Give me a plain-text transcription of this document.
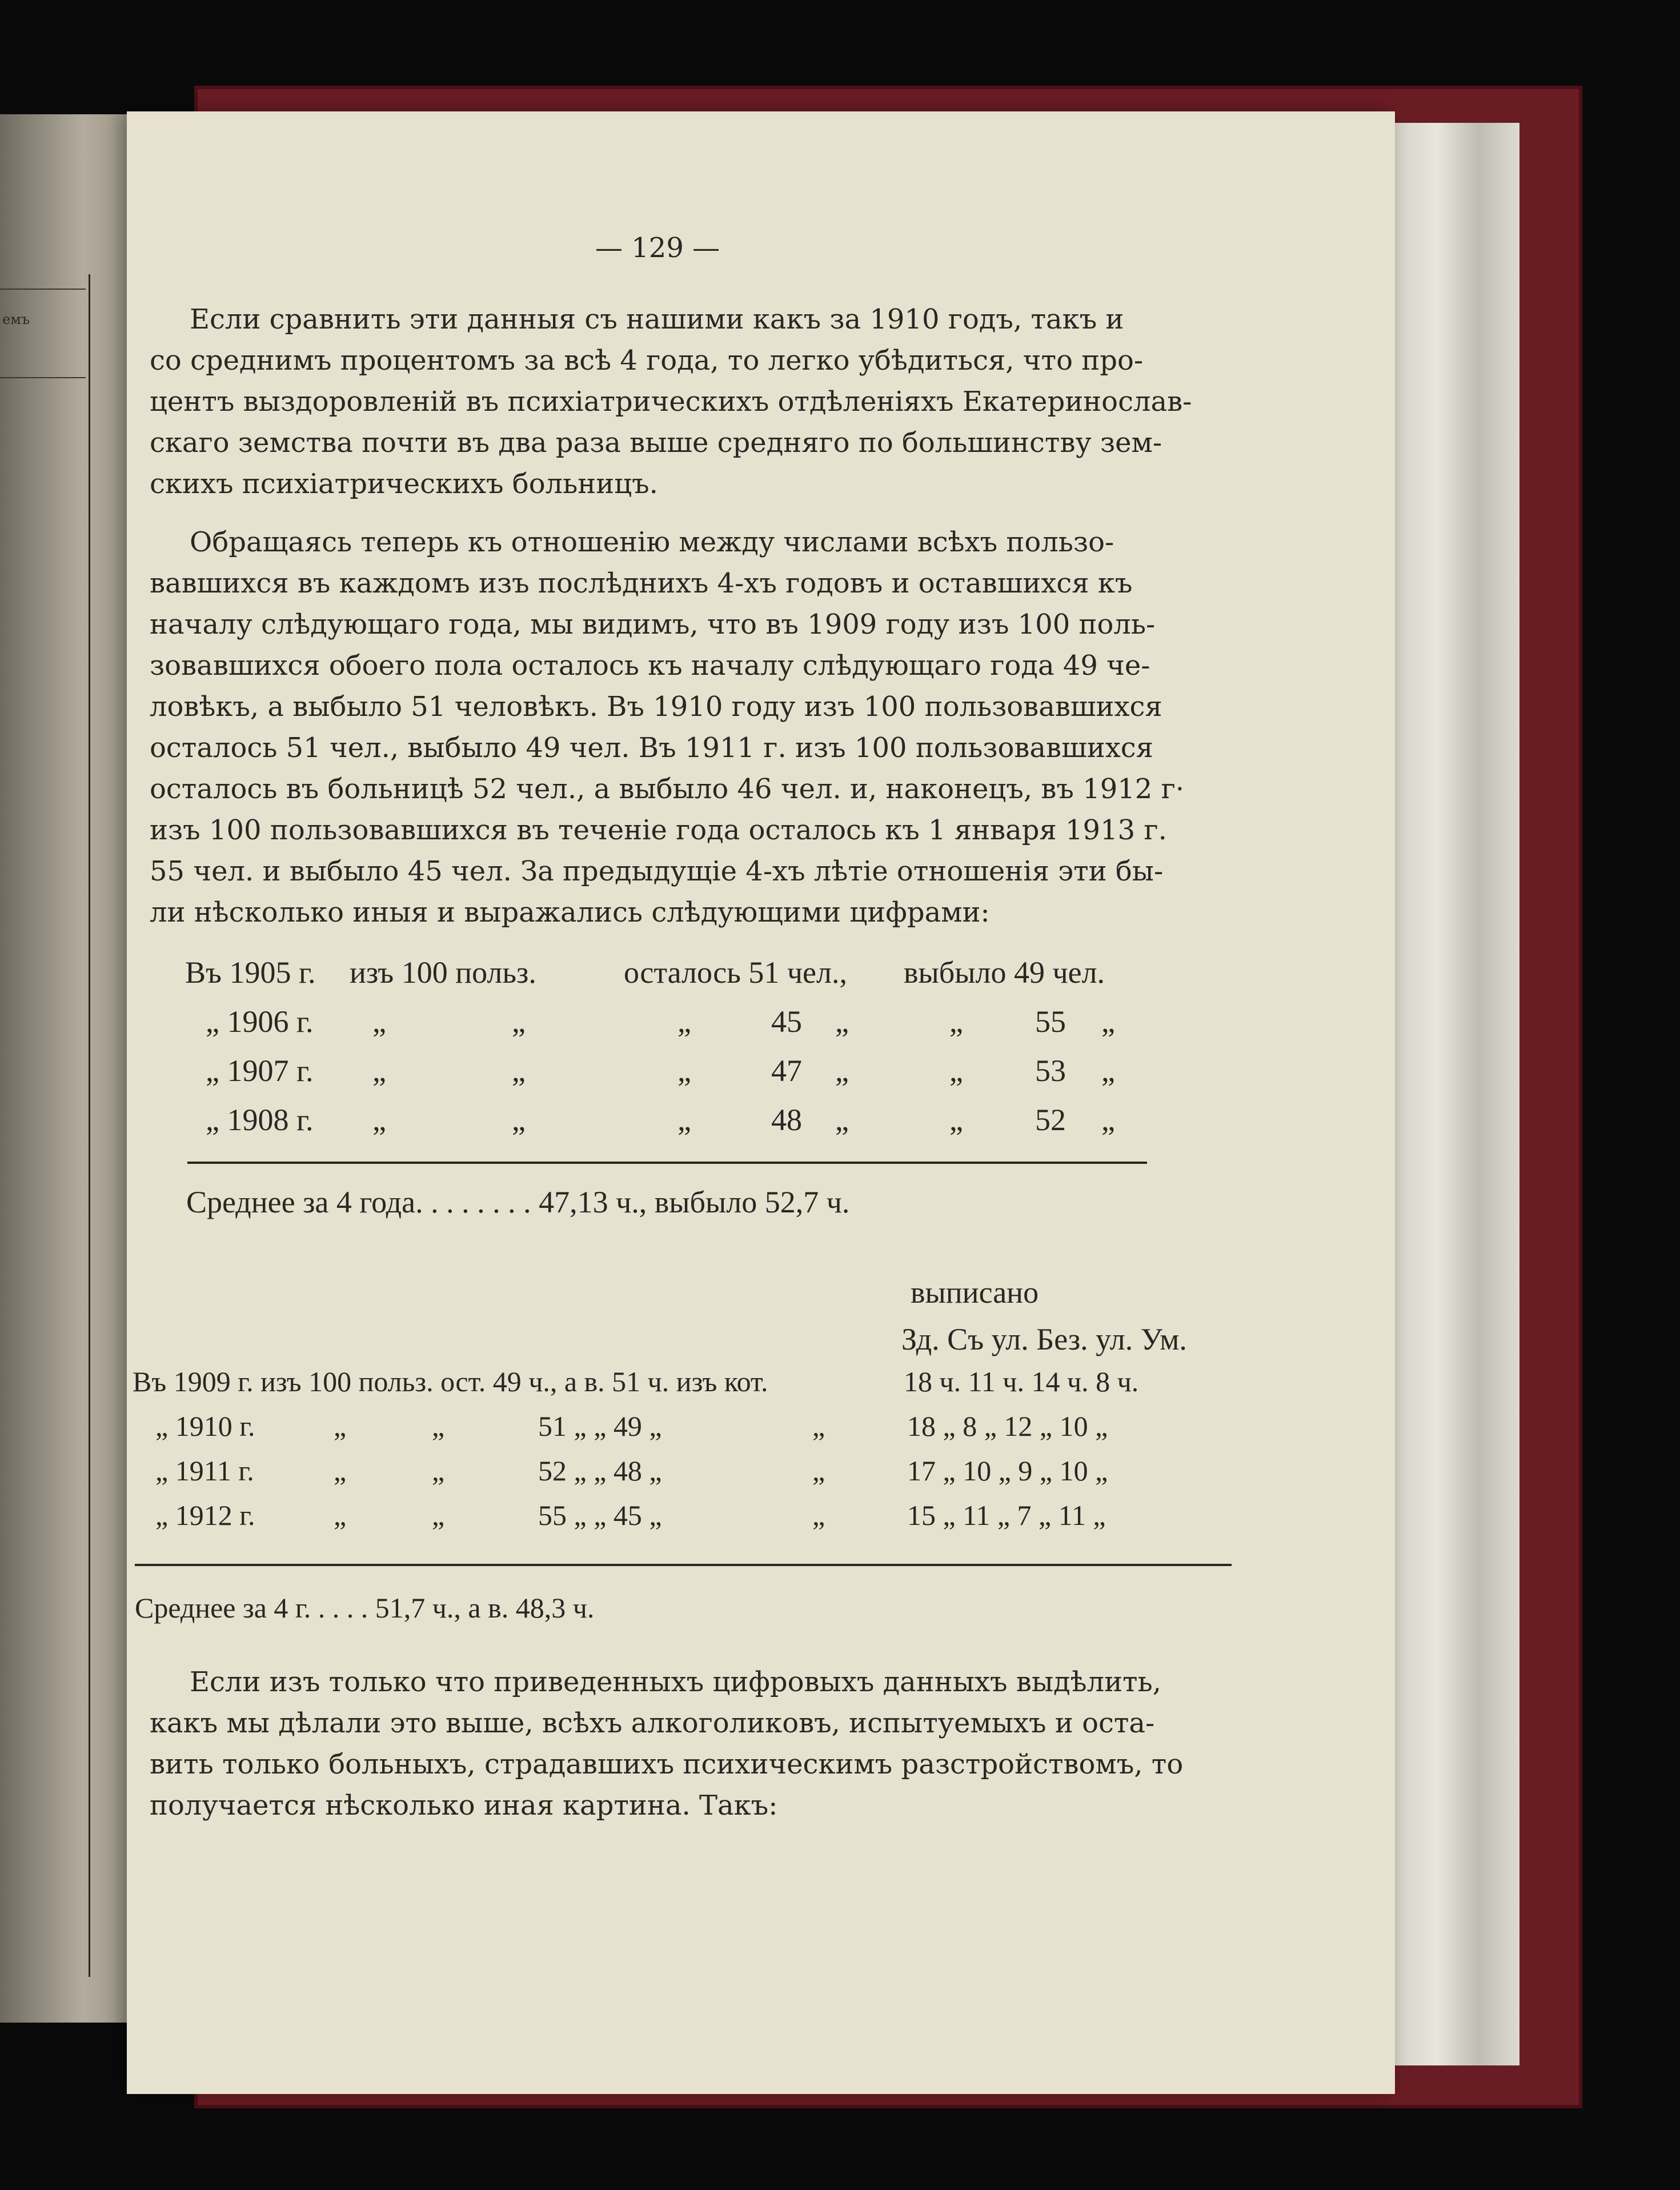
емъ
— 129 —
Если сравнить эти данныя съ нашими какъ за 1910 годъ, такъ и
со среднимъ процентомъ за всѣ 4 года, то легко убѣдиться, что про-
центъ выздоровленій въ психіатрическихъ отдѣленіяхъ Екатеринослав-
скаго земства почти въ два раза выше средняго по большинству зем-
скихъ психіатрическихъ больницъ.
Обращаясь теперь къ отношенію между числами всѣхъ пользо-
вавшихся въ каждомъ изъ послѣднихъ 4-хъ годовъ и оставшихся къ
началу слѣдующаго года, мы видимъ, что въ 1909 году изъ 100 поль-
зовавшихся обоего пола осталось къ началу слѣдующаго года 49 че-
ловѣкъ, а выбыло 51 человѣкъ. Въ 1910 году изъ 100 пользовавшихся
осталось 51 чел., выбыло 49 чел. Въ 1911 г. изъ 100 пользовавшихся
осталось въ больницѣ 52 чел., а выбыло 46 чел. и, наконецъ, въ 1912 г·
изъ 100 пользовавшихся въ теченіе года осталось къ 1 января 1913 г.
55 чел. и выбыло 45 чел. За предыдущіе 4-хъ лѣтіе отношенія эти бы-
ли нѣсколько иныя и выражались слѣдующими цифрами:
Въ 1905 г. изъ 100 польз.	осталось 51 чел., выбыло 49 чел.
„ 1906 г. „	„	„	45 „	„ 55 „
„ 1907 г. „	„	„	47 „	„ 53 „
„ 1908 г. „	„	„	48 „	„ 52 „
Среднее за 4 года. . . . . . . . 47,13 ч., выбыло 52,7 ч.
выписано
Зд. Съ ул. Без. ул. Ум.
Въ 1909 г. изъ 100 польз. ост. 49 ч., а в. 51 ч. изъ кот.	18 ч. 11 ч. 14 ч. 8 ч.
„ 1910 г.	„	„	51 „ „ 49 „	„	18 „ 8 „ 12 „ 10 „
„ 1911 г.	„	„	52 „ „ 48 „	„	17 „ 10 „ 9 „ 10 „
„ 1912 г.	„	„	55 „ „ 45 „	„	15 „ 11 „ 7 „ 11 „
Среднее за 4 г. . . . . 51,7 ч., а в. 48,3 ч.
Если изъ только что приведенныхъ цифровыхъ данныхъ выдѣлить,
какъ мы дѣлали это выше, всѣхъ алкоголиковъ, испытуемыхъ и оста-
вить только больныхъ, страдавшихъ психическимъ разстройствомъ, то
получается нѣсколько иная картина. Такъ:
